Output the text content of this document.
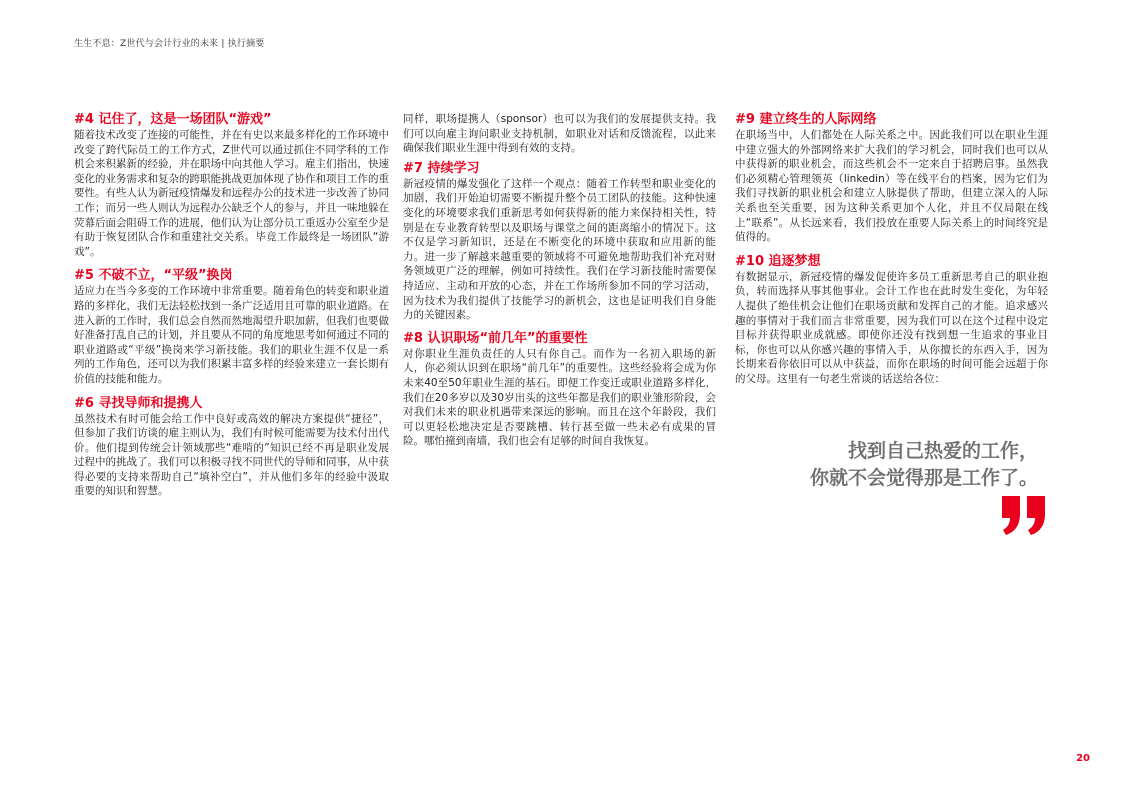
生生不息：Z世代与会计行业的未来 | 执行摘要

#4 记住了，这是一场团队“游戏”

随着技术改变了连接的可能性，并在有史以来最多样化的工作环境中改变了跨代际员工的工作方式，Z世代可以通过抓住不同学科的工作机会来积累新的经验，并在职场中向其他人学习。雇主们指出，快速变化的业务需求和复杂的跨职能挑战更加体现了协作和项目工作的重要性。有些人认为新冠疫情爆发和远程办公的技术进一步改善了协同工作；而另一些人则认为远程办公缺乏个人的参与，并且一味地躲在荧幕后面会阻碍工作的进展，他们认为让部分员工重返办公室至少是有助于恢复团队合作和重建社交关系。毕竟工作最终是一场团队“游戏”。

#5 不破不立，“平级”换岗

适应力在当今多变的工作环境中非常重要。随着角色的转变和职业道路的多样化，我们无法轻松找到一条广泛适用且可靠的职业道路。在进入新的工作时，我们总会自然而然地渴望升职加薪，但我们也要做好准备打乱自己的计划，并且要从不同的角度地思考如何通过不同的职业道路或“平级”换岗来学习新技能。我们的职业生涯不仅是一系列的工作角色，还可以为我们积累丰富多样的经验来建立一套长期有价值的技能和能力。

#6 寻找导师和提携人

虽然技术有时可能会给工作中良好或高效的解决方案提供“捷径”，但参加了我们访谈的雇主则认为，我们有时候可能需要为技术付出代价。他们提到传统会计领域那些“难啃的”知识已经不再是职业发展过程中的挑战了。我们可以积极寻找不同世代的导师和同事，从中获得必要的支持来帮助自己“填补空白”，并从他们多年的经验中汲取重要的知识和智慧。

同样，职场提携人（sponsor）也可以为我们的发展提供支持。我们可以向雇主询问职业支持机制，如职业对话和反馈流程，以此来确保我们职业生涯中得到有效的支持。

#7 持续学习

新冠疫情的爆发强化了这样一个观点：随着工作转型和职业变化的加剧，我们开始迫切需要不断提升整个员工团队的技能。这种快速变化的环境要求我们重新思考如何获得新的能力来保持相关性，特别是在专业教育转型以及职场与课堂之间的距离缩小的情况下。这不仅是学习新知识，还是在不断变化的环境中获取和应用新的能力。进一步了解越来越重要的领域将不可避免地帮助我们补充对财务领域更广泛的理解，例如可持续性。我们在学习新技能时需要保持适应、主动和开放的心态，并在工作场所参加不同的学习活动，因为技术为我们提供了技能学习的新机会，这也是证明我们自身能力的关键因素。

#8 认识职场“前几年”的重要性

对你职业生涯负责任的人只有你自己。而作为一名初入职场的新人，你必须认识到在职场“前几年”的重要性。这些经验将会成为你未来40至50年职业生涯的基石。即便工作变迁或职业道路多样化，我们在20多岁以及30岁出头的这些年都是我们的职业雏形阶段，会对我们未来的职业机遇带来深远的影响。而且在这个年龄段，我们可以更轻松地决定是否要跳槽、转行甚至做一些未必有成果的冒险。哪怕撞到南墙，我们也会有足够的时间自我恢复。

#9 建立终生的人际网络

在职场当中，人们都处在人际关系之中。因此我们可以在职业生涯中建立强大的外部网络来扩大我们的学习机会，同时我们也可以从中获得新的职业机会，而这些机会不一定来自于招聘启事。虽然我们必须精心管理领英（linkedin）等在线平台的档案，因为它们为我们寻找新的职业机会和建立人脉提供了帮助，但建立深入的人际关系也至关重要，因为这种关系更加个人化，并且不仅局限在线上“联系”。从长远来看，我们投放在重要人际关系上的时间终究是值得的。

#10 追逐梦想

有数据显示，新冠疫情的爆发促使许多员工重新思考自己的职业抱负，转而选择从事其他事业。会计工作也在此时发生变化，为年轻人提供了绝佳机会让他们在职场贡献和发挥自己的才能。追求感兴趣的事情对于我们而言非常重要，因为我们可以在这个过程中设定目标并获得职业成就感。即使你还没有找到想一生追求的事业目标，你也可以从你感兴趣的事情入手，从你擅长的东西入手，因为长期来看你依旧可以从中获益，而你在职场的时间可能会远超于你的父母。这里有一句老生常谈的话送给各位：

找到自己热爱的工作，
你就不会觉得那是工作了。
20
